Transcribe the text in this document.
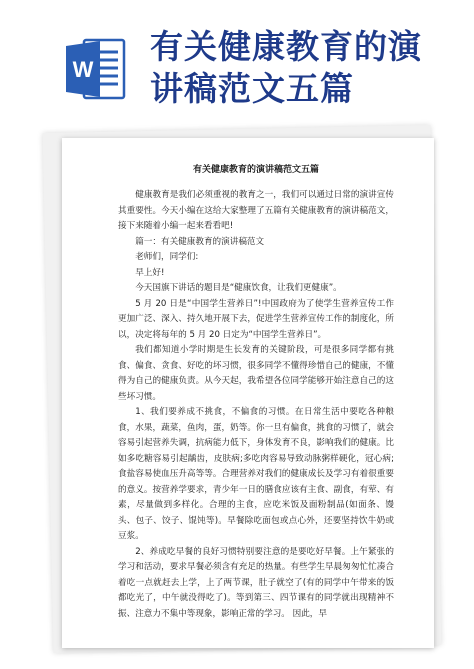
W
有关健康教育的演
讲稿范文五篇

有关健康教育的演讲稿范文五篇

健康教育是我们必须重视的教育之一，我们可以通过日常的演讲宣传其重要性。今天小编在这给大家整理了五篇有关健康教育的演讲稿范文，接下来随着小编一起来看看吧!

篇一：有关健康教育的演讲稿范文

老师们，同学们:

早上好!

今天国旗下讲话的题目是“健康饮食，让我们更健康”。

5 月 20 日是“中国学生营养日”!中国政府为了使学生营养宣传工作更加广泛、深入、持久地开展下去，促进学生营养宣传工作的制度化，所以，决定将每年的 5 月 20 日定为“中国学生营养日”。

我们都知道小学时期是生长发育的关键阶段，可是很多同学都有挑食、偏食、贪食、好吃的坏习惯，很多同学不懂得珍惜自己的健康，不懂得为自己的健康负责。从今天起，我希望各位同学能够开始注意自己的这些坏习惯。

1、我们要养成不挑食，不偏食的习惯。在日常生活中要吃各种粮食，水果，蔬菜，鱼肉，蛋，奶等。你一旦有偏食，挑食的习惯了，就会容易引起营养失调，抗病能力低下，身体发育不良，影响我们的健康。比如多吃糖容易引起龋齿，皮肤病;多吃肉容易导致动脉粥样硬化，冠心病;食盐容易使血压升高等等。合理营养对我们的健康成长及学习有着很重要的意义。按营养学要求，青少年一日的膳食应该有主食、副食，有荤、有素，尽量做到多样化。合理的主食，应吃米饭及面粉制品(如面条、馒头、包子、饺子、馄饨等)。早餐除吃面包或点心外，还要坚持饮牛奶或豆浆。

2、养成吃早餐的良好习惯特别要注意的是要吃好早餐。上午紧张的学习和活动，要求早餐必须含有充足的热量。有些学生早晨匆匆忙忙凑合着吃一点就赶去上学，上了两节课，肚子就空了(有的同学中午带来的饭都吃光了，中午就没得吃了)。等到第三、四节课有的同学就出现精神不振、注意力不集中等现象，影响正常的学习。 因此，早
